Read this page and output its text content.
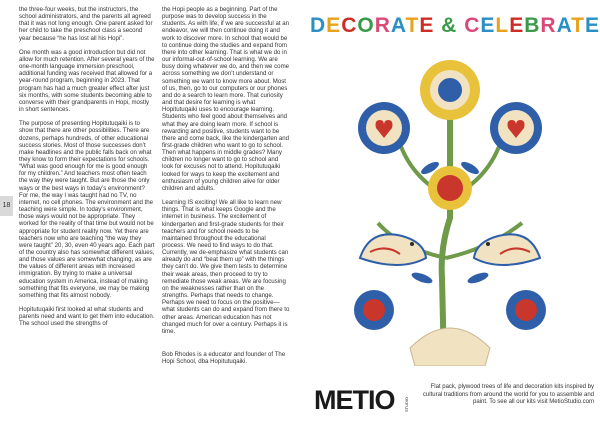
18

the three-four weeks, but the instructors, the school administrators, and the parents all agreed that it was not long enough. One parent asked for her child to take the preschool class a second year because “he has lost all his Hopi”.

One month was a good introduction but did not allow for much retention. After several years of the one-month language immersion preschool, additional funding was received that allowed for a year-round program, beginning in 2023. That program has had a much greater effect after just six months, with some students becoming able to converse with their grandparents in Hopi, mostly in short sentences.

The purpose of presenting Hopitutuqaiki is to show that there are other possibilities. There are dozens, perhaps hundreds, of other educational success stories. Most of those successes don’t make headlines and the public falls back on what they know to form their expectations for schools. “What was good enough for me is good enough for my children.” And teachers most often teach the way they were taught. But are those the only ways or the best ways in today’s environment? For me, the way I was taught had no TV, no internet, no cell phones. The environment and the teaching were simple. In today’s environment, those ways would not be appropriate. They worked for the reality of that time but would not be appropriate for student reality now. Yet there are teachers now who are teaching “the way they were taught” 20, 30, even 40 years ago. Each part of the country also has somewhat different values, and those values are somewhat changing, as are the values of different areas with increased immigration. By trying to make a universal education system in America, instead of making something that fits everyone, we may be making something that fits almost nobody.

Hopitutuqaiki first looked at what students and parents need and want to get them into education. The school used the strengths of

the Hopi people as a beginning. Part of the purpose was to develop success in the students. As with life, if we are successful at an endeavor, we will then continue doing it and work to discover more. In school that would be to continue doing the studies and expand from there into other learning. That is what we do in our informal-out-of-school learning. We are busy doing whatever we do, and then we come across something we don’t understand or something we want to know more about. Most of us, then, go to our computers or our phones and do a search to learn more. That curiosity and that desire for learning is what Hopitutuqaiki uses to encourage learning. Students who feel good about themselves and what they are doing learn more. If school is rewarding and positive, students want to be there and come back, like the kindergarten and first-grade children who want to go to school. Then what happens in middle grades? Many children no longer want to go to school and look for excuses not to attend. Hopitutuqaiki looked for ways to keep the excitement and enthusiasm of young children alive for older children and adults.

Learning IS exciting! We all like to learn new things. That is what keeps Google and the internet in business. The excitement of kindergarten and first-grade students for their teachers and for school needs to be maintained throughout the educational process. We need to find ways to do that. Currently, we de-emphasize what students can already do and “beat them up” with the things they can’t do. We give them tests to determine their weak areas, then proceed to try to remediate those weak areas. We are focusing on the weaknesses rather than on the strengths. Perhaps that needs to change. Perhaps we need to focus on the positive—what students can do and expand from there to other areas. American education has not changed much for over a century. Perhaps it is time.

Bob Rhodes is a educator and founder of The Hopi School, dba Hopitutuqaiki.

DECORATE & CELEBRATE
METIO STUDIO
Flat pack, plywood trees of life and decoration kits inspired by cultural traditions from around the world for you to assemble and paint. To see all our kits visit MetioStudio.com
